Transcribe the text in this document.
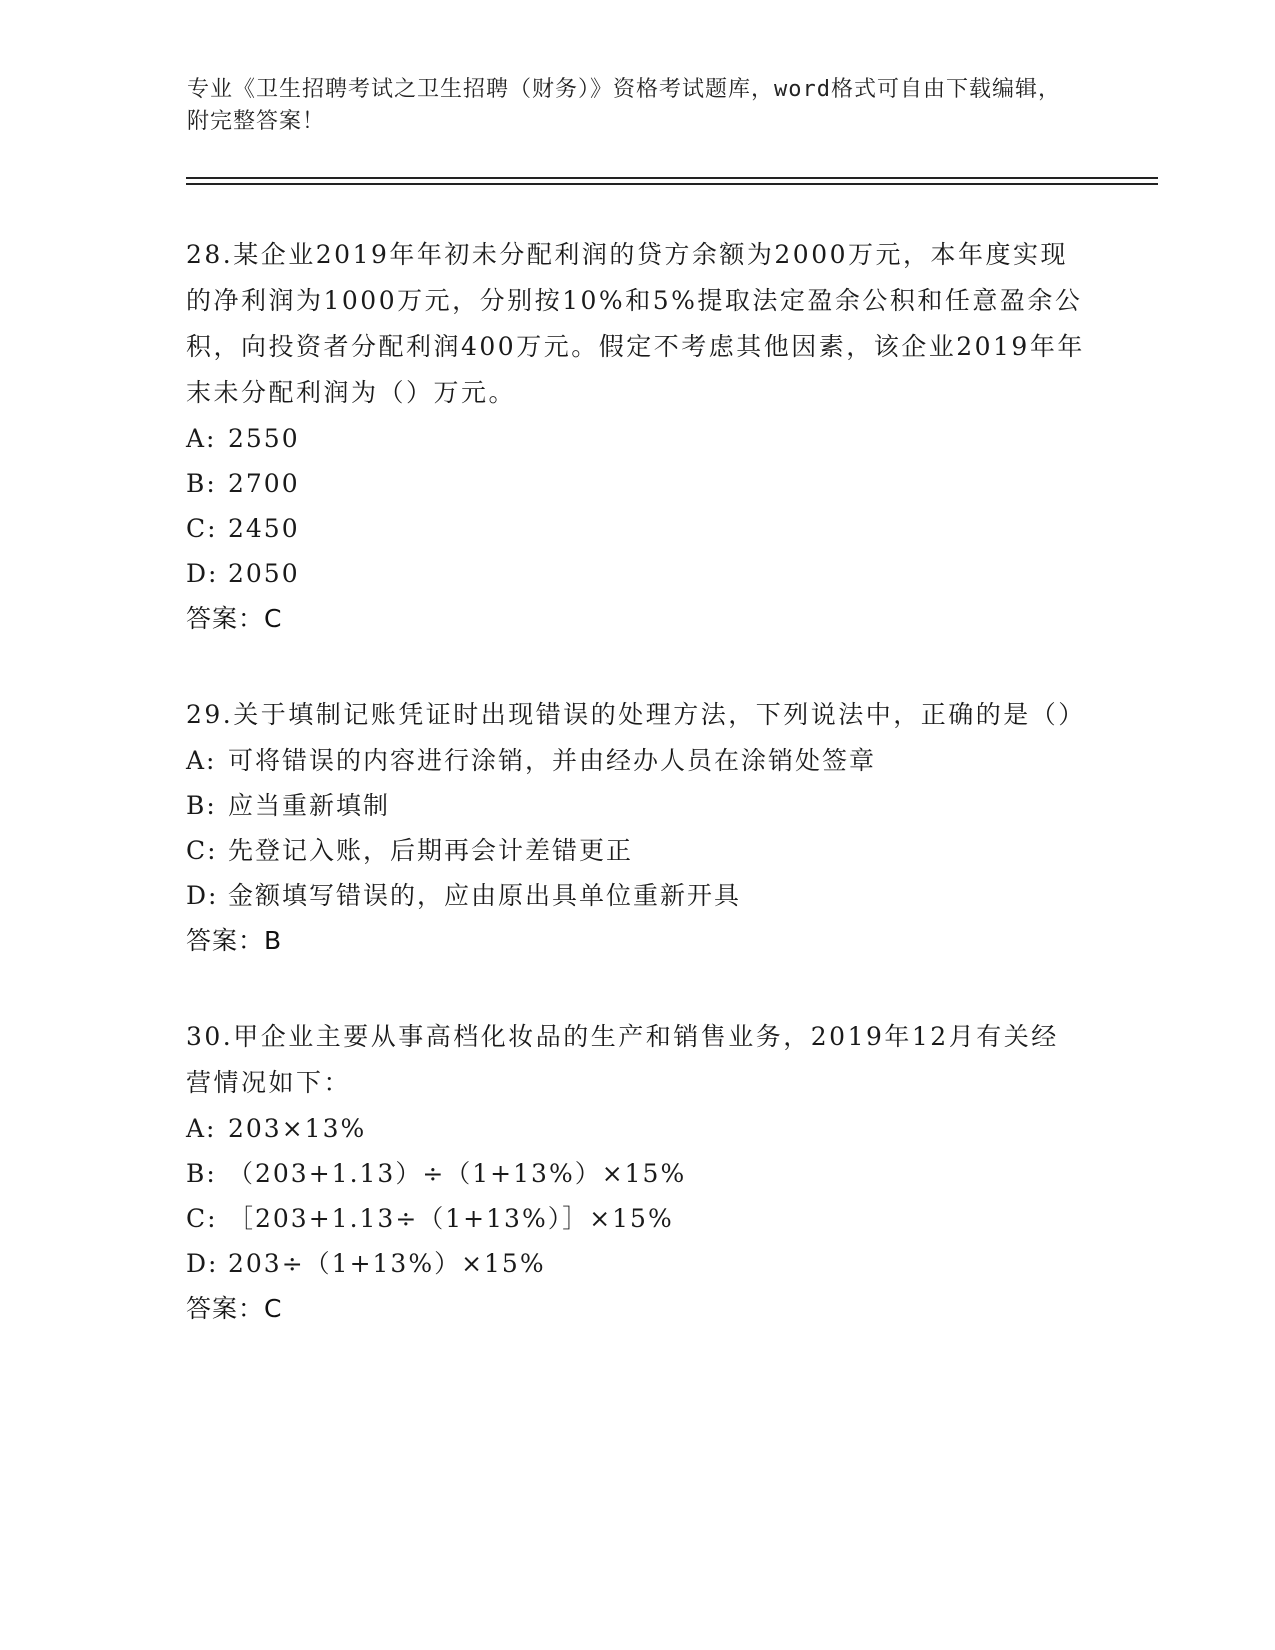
专业《卫生招聘考试之卫生招聘（财务）》资格考试题库，word格式可自由下载编辑，附完整答案！

28.某企业2019年年初未分配利润的贷方余额为2000万元，本年度实现的净利润为1000万元，分别按10%和5%提取法定盈余公积和任意盈余公积，向投资者分配利润400万元。假定不考虑其他因素，该企业2019年年末未分配利润为（）万元。

A: 2550

B: 2700

C: 2450

D: 2050

答案：C

29.关于填制记账凭证时出现错误的处理方法，下列说法中，正确的是（）

A: 可将错误的内容进行涂销，并由经办人员在涂销处签章

B: 应当重新填制

C: 先登记入账，后期再会计差错更正

D: 金额填写错误的，应由原出具单位重新开具

答案：B

30.甲企业主要从事高档化妆品的生产和销售业务，2019年12月有关经营情况如下：

A: 203×13%

B: （203+1.13）÷（1+13%）×15%

C: ［203+1.13÷（1+13%）］×15%

D: 203÷（1+13%）×15%

答案：C
